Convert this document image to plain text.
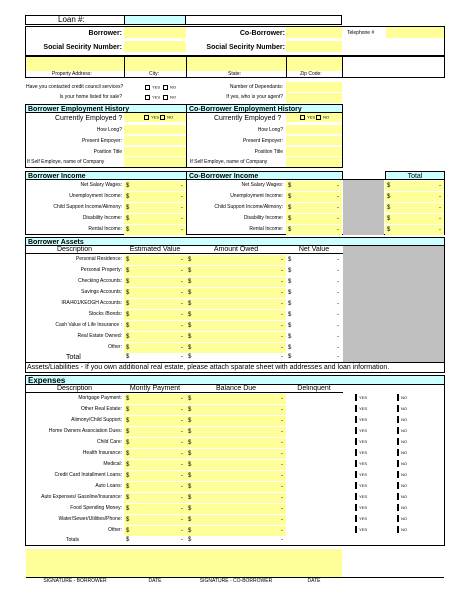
Loan #:
Borrower:	Co-Borrower:	Telephone #
Social Secirity Number:	Social Secirity Number:
Property Address:	City:	State:	Zip Code:
Have you contacted credit council services?	YES	NO	Number of Dependants:
Is your home listed for sale?	YES	NO	If yes, who is your agent?
Borrower Employment History	Co-Borrower Employment History
Currently Employed ?	YES NO	Currently Employed ?	YES NO
How Long?	How Long?
Present Empoyer:	Present Empoyer:
Position Title	Position Title
If Self Employe, name of Company	If Self Employe, name of Company
Borrower Income	Co-Borrower Income	Total
Net Salary Wages: $	-	Net Salary Wages: $	-	$	-
Unemployment Income: $	-	Unemployment Income: $	-	$	-
Child Support Income/Alimony: $	-	Child Support Income/Alimony: $	-	$	-
Disability Income: $	-	Disability Income: $	-	$	-
Rental Income: $	-	Rental Income: $	-	$	-
Borrower Assets
Description	Estimated Value	Amount Owed	Net Value
Personal Residence: $	- $	- $	-
Personal Property: $	- $	- $	-
Checking Accounts: $	- $	- $	-
Savings Accounts: $	- $	- $	-
IRA/401/KEOGH Accounts: $	- $	- $	-
Stocks /Bonds: $	- $	- $	-
Cash Value of Life Insurance : $	- $	- $	-
Real Estate Owned: $	- $	- $	-
Other: $	- $	- $	-
Total	$	- $	- $	-
Assets/Liabilities - If you own additional real estate, please attach sparate sheet with addresses and loan information.
Expenses
Description	Montly Payment	Balance Due	Delinquent
Mortgage Payment: $	- $	-	YES	NO
Other Real Estate: $	- $	-	YES	NO
Alimony/Child Support: $	- $	-	YES	NO
Home Owners Association Dues: $	- $	-	YES	NO
Child Care: $	- $	-	YES	NO
Health Insurance: $	- $	-	YES	NO
Medical: $	- $	-	YES	NO
Credit Card Installment Loans: $	- $	-	YES	NO
Auto Loans: $	- $	-	YES	NO
Auto Expenses/ Gasoline/Insurance: $	- $	-	YES	NO
Food Spending Money: $	- $	-	YES	NO
Water/Sewer/Utilities/Phone: $	- $	-	YES	NO
Other: $	- $	-	YES	NO
Totals	$	- $	-
SIGNATURE - BORROWER	DATE	SIGNATURE - CO-BORROWER	DATE
